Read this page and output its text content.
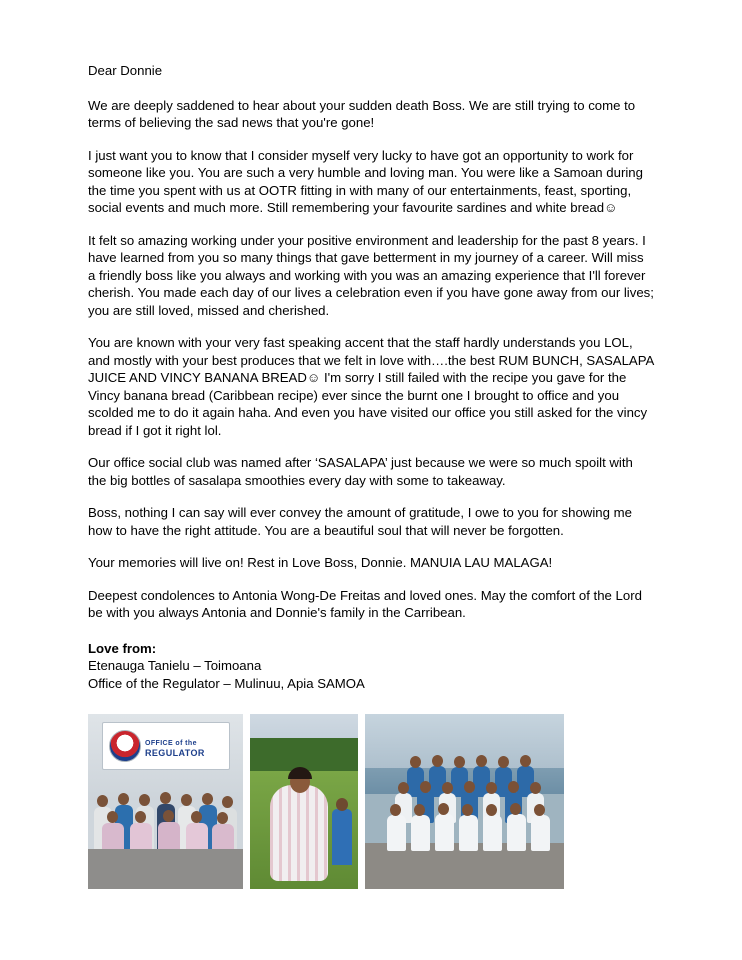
Dear Donnie

We are deeply saddened to hear about your sudden death Boss. We are still trying to come to terms of believing the sad news that you're gone!

I just want you to know that I consider myself very lucky to have got an opportunity to work for someone like you. You are such a very humble and loving man. You were like a Samoan during the time you spent with us at OOTR fitting in with many of our entertainments, feast, sporting, social events and much more. Still remembering your favourite sardines and white bread☺

It felt so amazing working under your positive environment and leadership for the past 8 years. I have learned from you so many things that gave betterment in my journey of a career. Will miss a friendly boss like you always and working with you was an amazing experience that I'll forever cherish. You made each day of our lives a celebration even if you have gone away from our lives; you are still loved, missed and cherished.

You are known with your very fast speaking accent that the staff hardly understands you LOL, and mostly with your best produces that we felt in love with….the best RUM BUNCH, SASALAPA JUICE AND VINCY BANANA BREAD☺ I'm sorry I still failed with the recipe you gave for the Vincy banana bread (Caribbean recipe) ever since the burnt one I brought to office and you scolded me to do it again haha. And even you have visited our office you still asked for the vincy bread if I got it right lol.

Our office social club was named after ‘SASALAPA’ just because we were so much spoilt with the big bottles of sasalapa smoothies every day with some to takeaway.

Boss, nothing I can say will ever convey the amount of gratitude, I owe to you for showing me how to have the right attitude. You are a beautiful soul that will never be forgotten.

Your memories will live on! Rest in Love Boss, Donnie. MANUIA LAU MALAGA!

Deepest condolences to Antonia Wong-De Freitas and loved ones. May the comfort of the Lord be with you always Antonia and Donnie's family in the Carribean.

Love from:

Etenauga Tanielu – Toimoana

Office of the Regulator – Mulinuu, Apia SAMOA

OFFICE of the
REGULATOR
